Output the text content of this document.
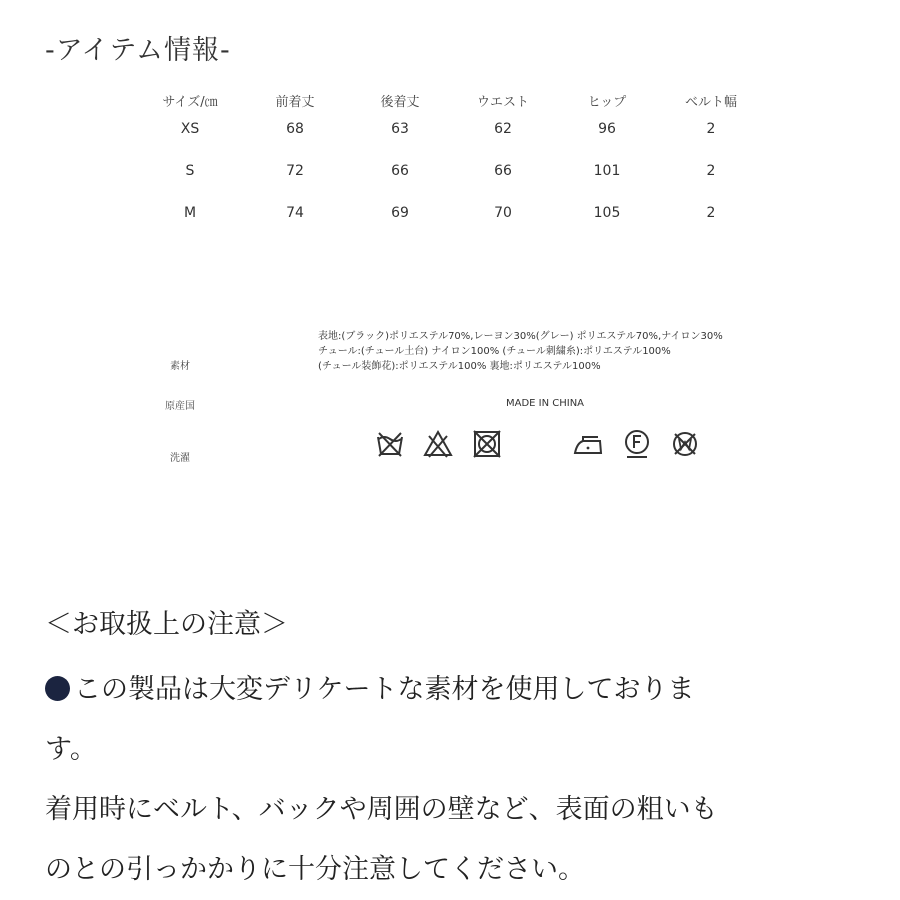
-アイテム情報-
サイズ/㎝	前着丈	後着丈	ウエスト	ヒップ	ベルト幅
XS	68	63	62	96	2
S	72	66	66	101	2
M	74	69	70	105	2
素材
表地:(ブラック)ポリエステル70%,レーヨン30%(グレー) ポリエステル70%,ナイロン30%
チュール:(チュール土台) ナイロン100% (チュール刺繍糸):ポリエステル100%
(チュール装飾花):ポリエステル100% 裏地:ポリエステル100%
原産国	MADE IN CHINA
洗濯

＜お取扱上の注意＞

この製品は大変デリケートな素材を使用しておりま

す。

着用時にベルト、バックや周囲の壁など、表面の粗いも

のとの引っかかりに十分注意してください。
